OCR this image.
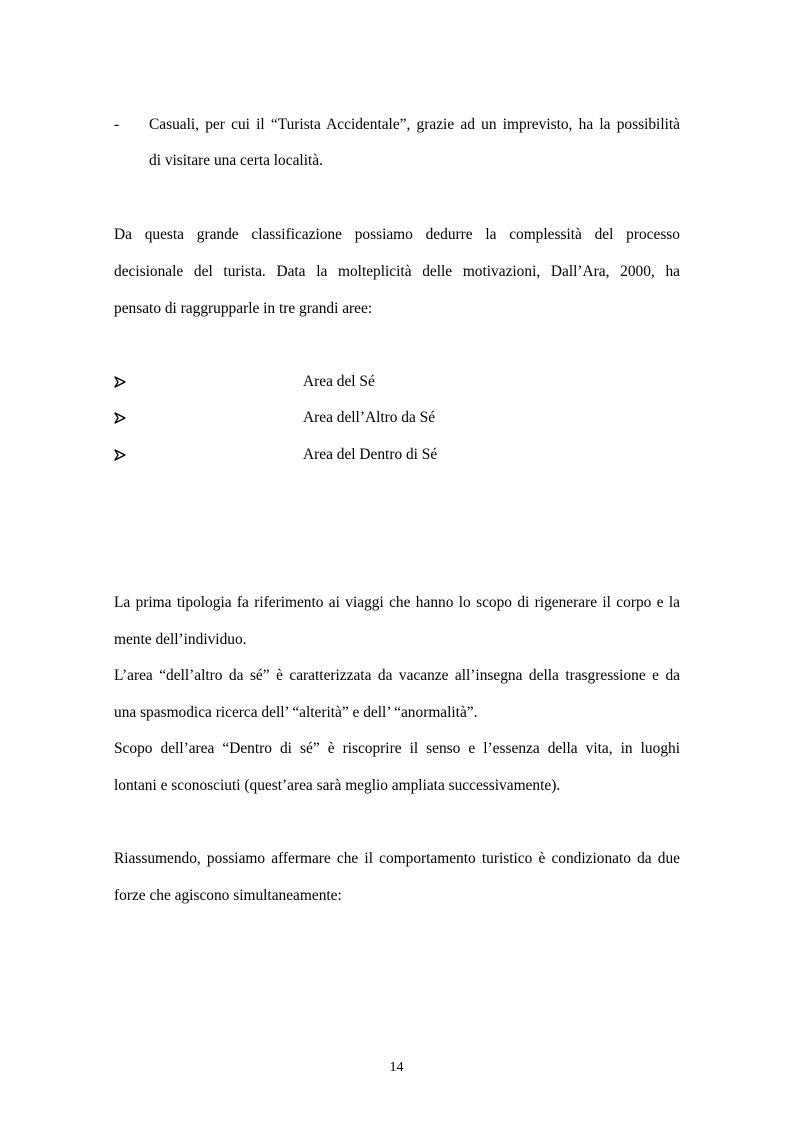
- Casuali, per cui il “Turista Accidentale”, grazie ad un imprevisto, ha la possibilità
di visitare una certa località.
Da questa grande classificazione possiamo dedurre la complessità del processo
decisionale del turista. Data la molteplicità delle motivazioni, Dall’Ara, 2000, ha
pensato di raggrupparle in tre grandi aree:
Area del Sé
Area dell’Altro da Sé
Area del Dentro di Sé
La prima tipologia fa riferimento ai viaggi che hanno lo scopo di rigenerare il corpo e la
mente dell’individuo.
L’area “dell’altro da sé” è caratterizzata da vacanze all’insegna della trasgressione e da
una spasmodica ricerca dell’ “alterità” e dell’ “anormalità”.
Scopo dell’area “Dentro di sé” è riscoprire il senso e l’essenza della vita, in luoghi
lontani e sconosciuti (quest’area sarà meglio ampliata successivamente).
Riassumendo, possiamo affermare che il comportamento turistico è condizionato da due
forze che agiscono simultaneamente:
14
